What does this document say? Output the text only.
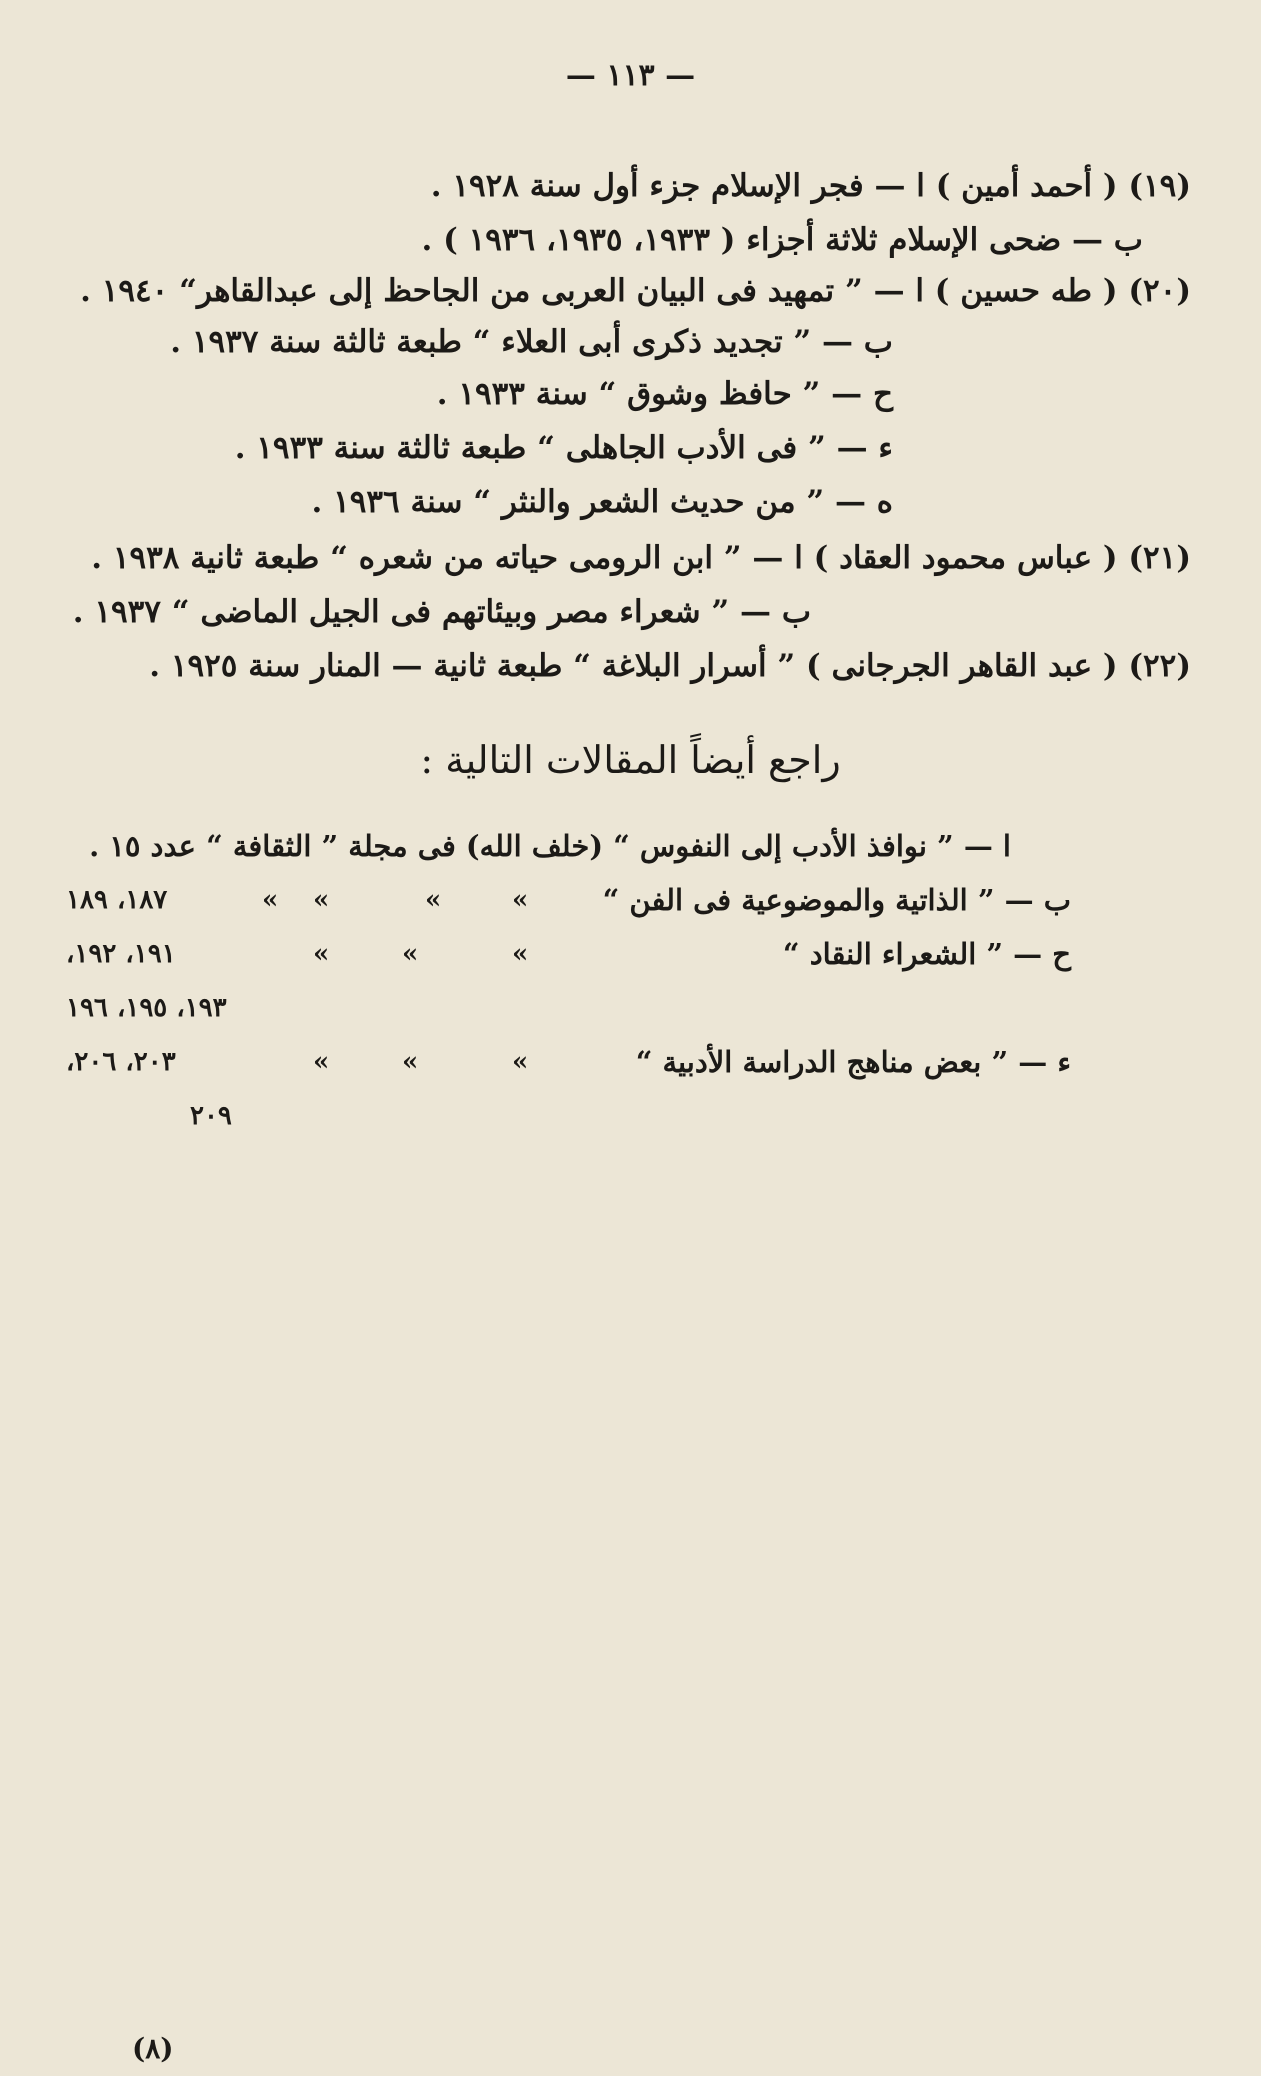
— ١١٣ —
(١٩) ( أحمد أمين ) ا — فجر الإسلام جزء أول سنة ١٩٢٨ .
ب — ضحى الإسلام ثلاثة أجزاء ( ١٩٣٣، ١٩٣٥، ١٩٣٦ ) .
(٢٠) ( طه حسين ) ا — ” تمهيد فى البيان العربى من الجاحظ إلى عبدالقاهر“ ١٩٤٠ .
ب — ” تجديد ذكرى أبى العلاء “ طبعة ثالثة سنة ١٩٣٧ .
ح — ” حافظ وشوق “ سنة ١٩٣٣ .
ء — ” فى الأدب الجاهلى “ طبعة ثالثة سنة ١٩٣٣ .
ه — ” من حديث الشعر والنثر “ سنة ١٩٣٦ .
(٢١) ( عباس محمود العقاد ) ا — ” ابن الرومى حياته من شعره “ طبعة ثانية ١٩٣٨ .
ب — ” شعراء مصر وبيئاتهم فى الجيل الماضى “ ١٩٣٧ .
(٢٢) ( عبد القاهر الجرجانى ) ” أسرار البلاغة “ طبعة ثانية — المنار سنة ١٩٢٥ .
راجع أيضاً المقالات التالية :
ا — ” نوافذ الأدب إلى النفوس “ (خلف الله) فى مجلة ” الثقافة “ عدد ١٥ .
ب — ” الذاتية والموضوعية فى الفن “
»
»
»
»
١٨٧، ١٨٩
ح — ” الشعراء النقاد “
»
»
»
١٩١، ١٩٢،
١٩٣، ١٩٥، ١٩٦
ء — ” بعض مناهج الدراسة الأدبية “
»
»
»
٢٠٣، ٢٠٦،
٢٠٩
(٨)
